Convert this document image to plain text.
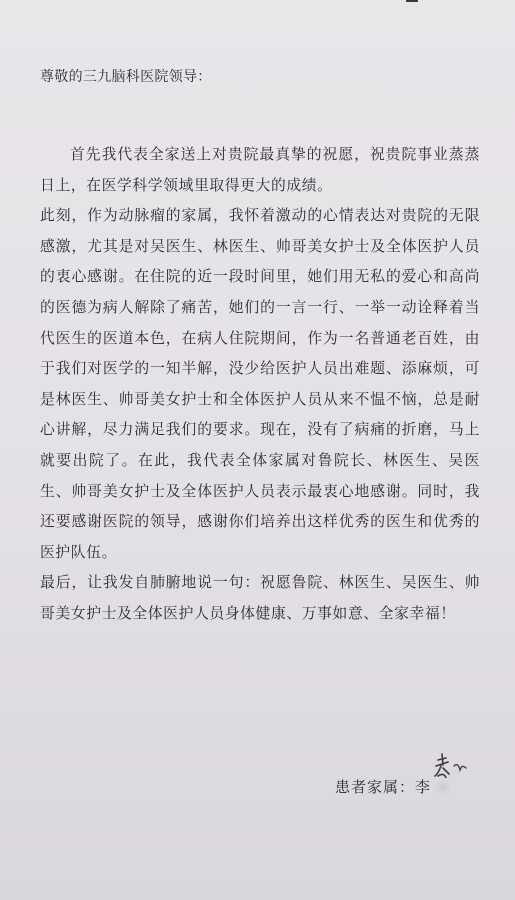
尊敬的三九脑科医院领导：

首先我代表全家送上对贵院最真挚的祝愿，祝贵院事业蒸蒸日上，在医学科学领域里取得更大的成绩。

此刻，作为动脉瘤的家属，我怀着激动的心情表达对贵院的无限感激，尤其是对吴医生、林医生、帅哥美女护士及全体医护人员的衷心感谢。在住院的近一段时间里，她们用无私的爱心和高尚的医德为病人解除了痛苦，她们的一言一行、一举一动诠释着当代医生的医道本色，在病人住院期间，作为一名普通老百姓，由于我们对医学的一知半解，没少给医护人员出难题、添麻烦，可是林医生、帅哥美女护士和全体医护人员从来不愠不恼，总是耐心讲解，尽力满足我们的要求。现在，没有了病痛的折磨，马上就要出院了。在此，我代表全体家属对鲁院长、林医生、吴医生、帅哥美女护士及全体医护人员表示最衷心地感谢。同时，我还要感谢医院的领导，感谢你们培养出这样优秀的医生和优秀的医护队伍。

最后，让我发自肺腑地说一句：祝愿鲁院、林医生、吴医生、帅哥美女护士及全体医护人员身体健康、万事如意、全家幸福！

患者家属：李
